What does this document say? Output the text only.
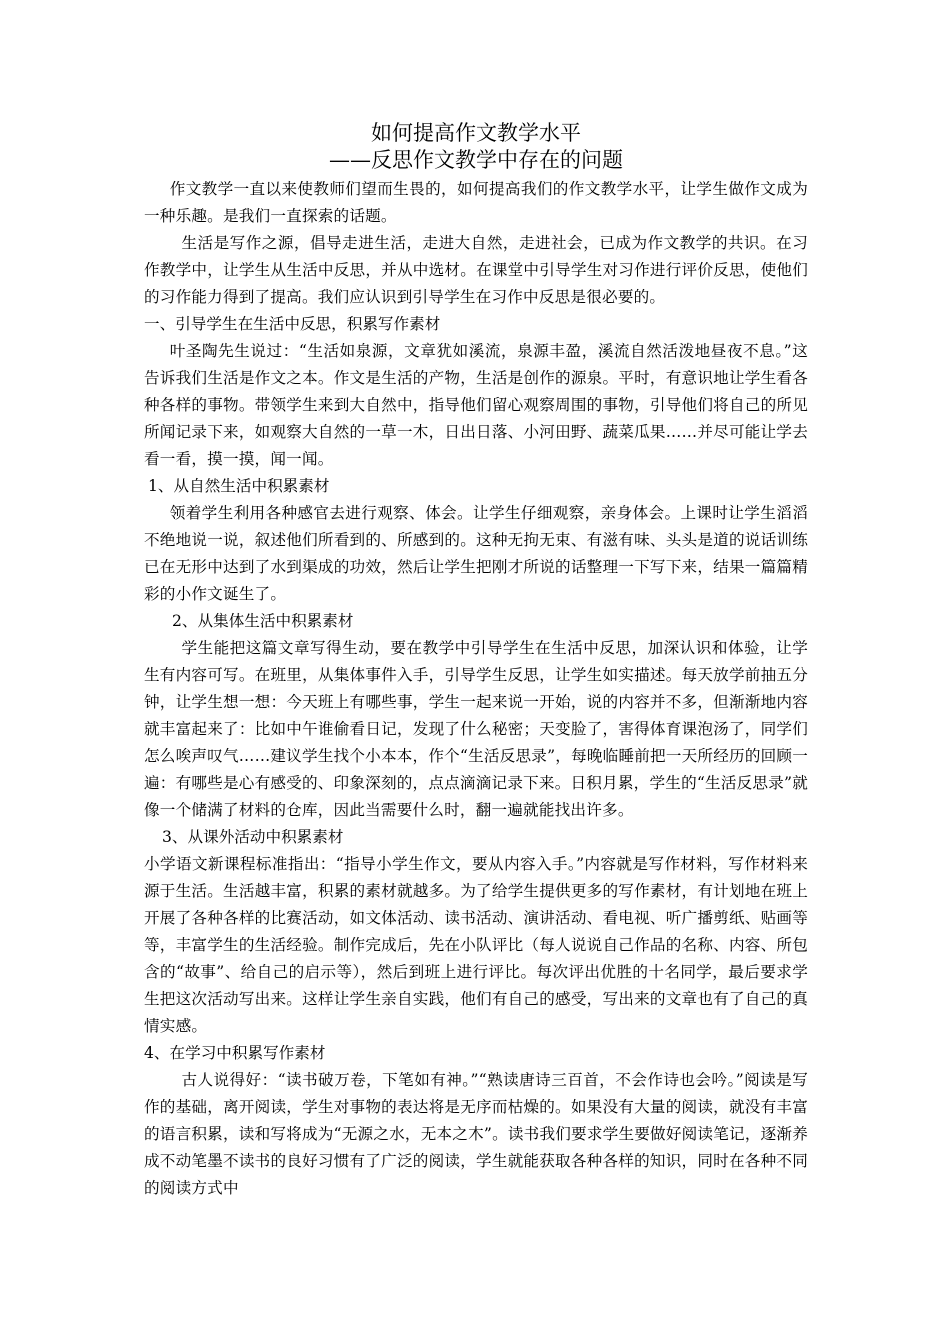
如何提高作文教学水平
——反思作文教学中存在的问题

作文教学一直以来使教师们望而生畏的，如何提高我们的作文教学水平，让学生做作文成为一种乐趣。是我们一直探索的话题。

生活是写作之源，倡导走进生活，走进大自然，走进社会，已成为作文教学的共识。在习作教学中，让学生从生活中反思，并从中选材。在课堂中引导学生对习作进行评价反思，使他们的习作能力得到了提高。我们应认识到引导学生在习作中反思是很必要的。

一、引导学生在生活中反思，积累写作素材

叶圣陶先生说过：“生活如泉源，文章犹如溪流，泉源丰盈，溪流自然活泼地昼夜不息。”这告诉我们生活是作文之本。作文是生活的产物，生活是创作的源泉。平时，有意识地让学生看各种各样的事物。带领学生来到大自然中，指导他们留心观察周围的事物，引导他们将自己的所见所闻记录下来，如观察大自然的一草一木，日出日落、小河田野、蔬菜瓜果……并尽可能让学去看一看，摸一摸，闻一闻。

1、从自然生活中积累素材

领着学生利用各种感官去进行观察、体会。让学生仔细观察，亲身体会。上课时让学生滔滔不绝地说一说，叙述他们所看到的、所感到的。这种无拘无束、有滋有味、头头是道的说话训练已在无形中达到了水到渠成的功效，然后让学生把刚才所说的话整理一下写下来，结果一篇篇精彩的小作文诞生了。

2、从集体生活中积累素材

学生能把这篇文章写得生动，要在教学中引导学生在生活中反思，加深认识和体验，让学生有内容可写。在班里，从集体事件入手，引导学生反思，让学生如实描述。每天放学前抽五分钟，让学生想一想：今天班上有哪些事，学生一起来说一开始，说的内容并不多，但渐渐地内容就丰富起来了：比如中午谁偷看日记，发现了什么秘密；天变脸了，害得体育课泡汤了，同学们怎么唉声叹气……建议学生找个小本本，作个“生活反思录”，每晚临睡前把一天所经历的回顾一遍：有哪些是心有感受的、印象深刻的，点点滴滴记录下来。日积月累，学生的“生活反思录”就像一个储满了材料的仓库，因此当需要什么时，翻一遍就能找出许多。

3、从课外活动中积累素材

小学语文新课程标准指出：“指导小学生作文，要从内容入手。”内容就是写作材料，写作材料来源于生活。生活越丰富，积累的素材就越多。为了给学生提供更多的写作素材，有计划地在班上开展了各种各样的比赛活动，如文体活动、读书活动、演讲活动、看电视、听广播剪纸、贴画等等，丰富学生的生活经验。制作完成后，先在小队评比（每人说说自己作品的名称、内容、所包含的“故事”、给自己的启示等），然后到班上进行评比。每次评出优胜的十名同学，最后要求学生把这次活动写出来。这样让学生亲自实践，他们有自己的感受，写出来的文章也有了自己的真情实感。

4、在学习中积累写作素材

古人说得好：“读书破万卷，下笔如有神。”“熟读唐诗三百首，不会作诗也会吟。”阅读是写作的基础，离开阅读，学生对事物的表达将是无序而枯燥的。如果没有大量的阅读，就没有丰富的语言积累，读和写将成为“无源之水，无本之木”。读书我们要求学生要做好阅读笔记，逐渐养成不动笔墨不读书的良好习惯有了广泛的阅读，学生就能获取各种各样的知识，同时在各种不同的阅读方式中
